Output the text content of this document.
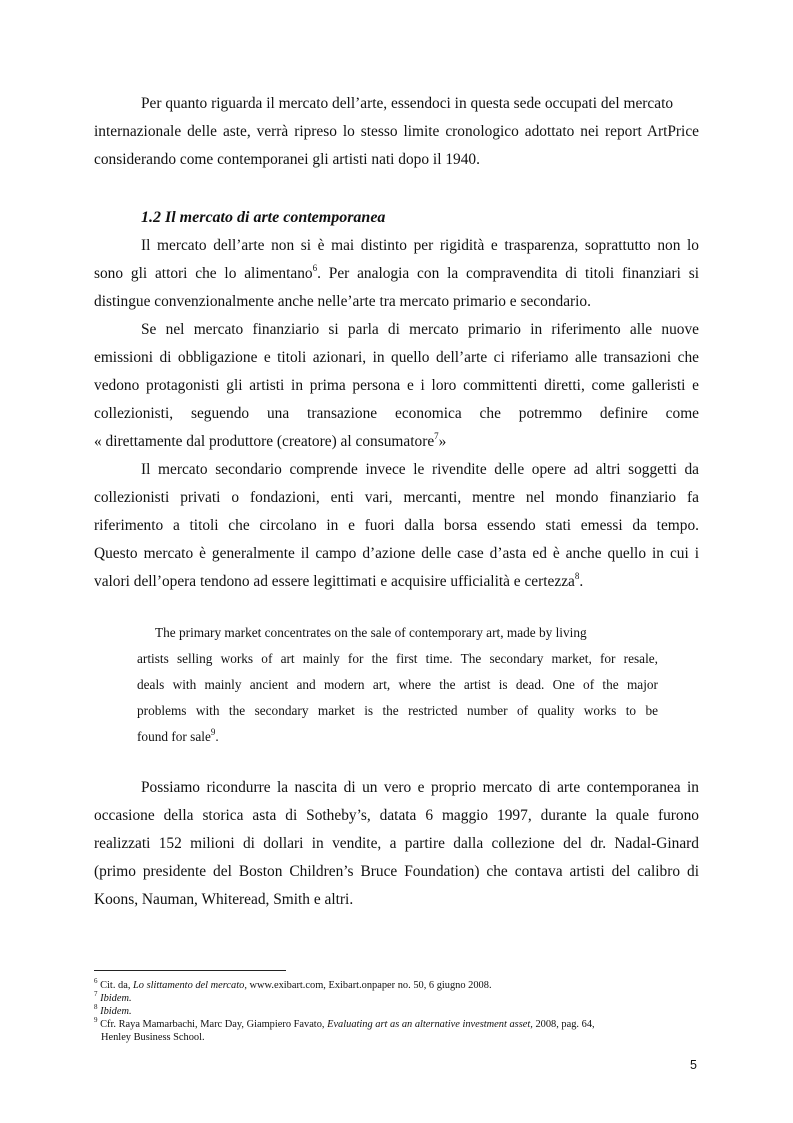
Per quanto riguarda il mercato dell’arte, essendoci in questa sede occupati del mercato
internazionale delle aste, verrà ripreso lo stesso limite cronologico adottato nei report ArtPrice
considerando come contemporanei gli artisti nati dopo il 1940.
1.2 Il mercato di arte contemporanea
Il mercato dell’arte non si è mai distinto per rigidità e trasparenza, soprattutto non lo
sono gli attori che lo alimentano$^6$. Per analogia con la compravendita di titoli finanziari si
distingue convenzionalmente anche nelle’arte tra mercato primario e secondario.
Se nel mercato finanziario si parla di mercato primario in riferimento alle nuove
emissioni di obbligazione e titoli azionari, in quello dell’arte ci riferiamo alle transazioni che
vedono protagonisti gli artisti in prima persona e i loro committenti diretti, come galleristi e
collezionisti, seguendo una transazione economica che potremmo definire come
« direttamente dal produttore (creatore) al consumatore$^7$»
Il mercato secondario comprende invece le rivendite delle opere ad altri soggetti da
collezionisti privati o fondazioni, enti vari, mercanti, mentre nel mondo finanziario fa
riferimento a titoli che circolano in e fuori dalla borsa essendo stati emessi da tempo.
Questo mercato è generalmente il campo d’azione delle case d’asta ed è anche quello in cui i
valori dell’opera tendono ad essere legittimati e acquisire ufficialità e certezza$^8$.
The primary market concentrates on the sale of contemporary art, made by living
artists selling works of art mainly for the first time. The secondary market, for resale,
deals with mainly ancient and modern art, where the artist is dead. One of the major
problems with the secondary market is the restricted number of quality works to be
found for sale$^9$.
Possiamo ricondurre la nascita di un vero e proprio mercato di arte contemporanea in
occasione della storica asta di Sotheby’s, datata 6 maggio 1997, durante la quale furono
realizzati 152 milioni di dollari in vendite, a partire dalla collezione del dr. Nadal-Ginard
(primo presidente del Boston Children’s Bruce Foundation) che contava artisti del calibro di
Koons, Nauman, Whiteread, Smith e altri.
$^6$ Cit. da, Lo slittamento del mercato, www.exibart.com, Exibart.onpaper no. 50, 6 giugno 2008.
$^7$ Ibidem.
$^8$ Ibidem.
$^9$ Cfr. Raya Mamarbachi, Marc Day, Giampiero Favato, Evaluating art as an alternative investment asset, 2008, pag. 64,
Henley Business School.
5
